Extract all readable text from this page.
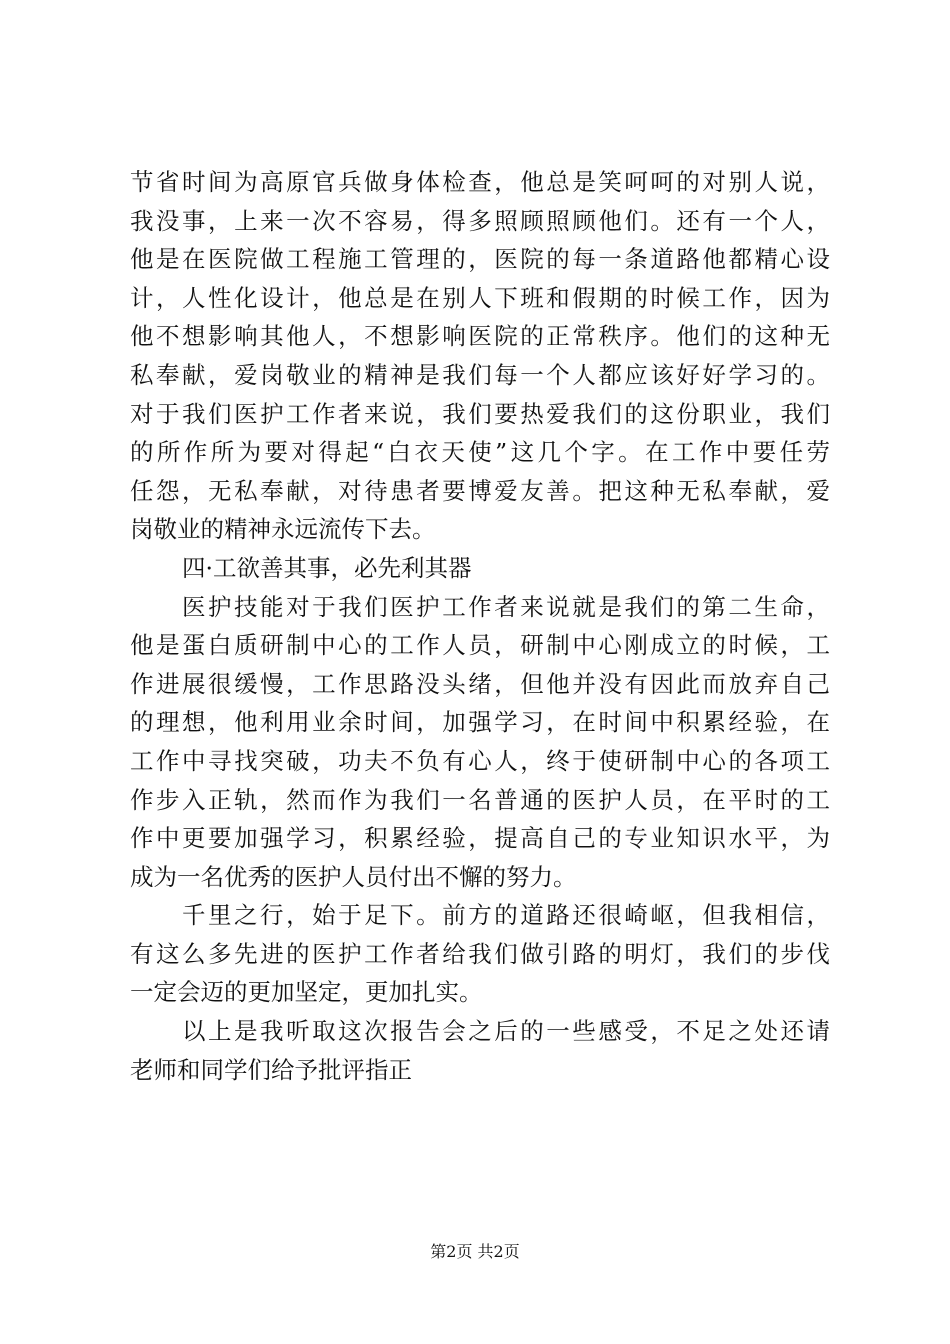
节省时间为高原官兵做身体检查，他总是笑呵呵的对别人说，
我没事，上来一次不容易，得多照顾照顾他们。还有一个人，
他是在医院做工程施工管理的，医院的每一条道路他都精心设
计，人性化设计，他总是在别人下班和假期的时候工作，因为
他不想影响其他人，不想影响医院的正常秩序。他们的这种无
私奉献，爱岗敬业的精神是我们每一个人都应该好好学习的。
对于我们医护工作者来说，我们要热爱我们的这份职业，我们
的所作所为要对得起“白衣天使”这几个字。在工作中要任劳
任怨，无私奉献，对待患者要博爱友善。把这种无私奉献，爱
岗敬业的精神永远流传下去。
四·工欲善其事，必先利其器
医护技能对于我们医护工作者来说就是我们的第二生命，
他是蛋白质研制中心的工作人员，研制中心刚成立的时候，工
作进展很缓慢，工作思路没头绪，但他并没有因此而放弃自己
的理想，他利用业余时间，加强学习，在时间中积累经验，在
工作中寻找突破，功夫不负有心人，终于使研制中心的各项工
作步入正轨，然而作为我们一名普通的医护人员，在平时的工
作中更要加强学习，积累经验，提高自己的专业知识水平，为
成为一名优秀的医护人员付出不懈的努力。
千里之行，始于足下。前方的道路还很崎岖，但我相信，
有这么多先进的医护工作者给我们做引路的明灯，我们的步伐
一定会迈的更加坚定，更加扎实。
以上是我听取这次报告会之后的一些感受，不足之处还请
老师和同学们给予批评指正
第2页 共2页
